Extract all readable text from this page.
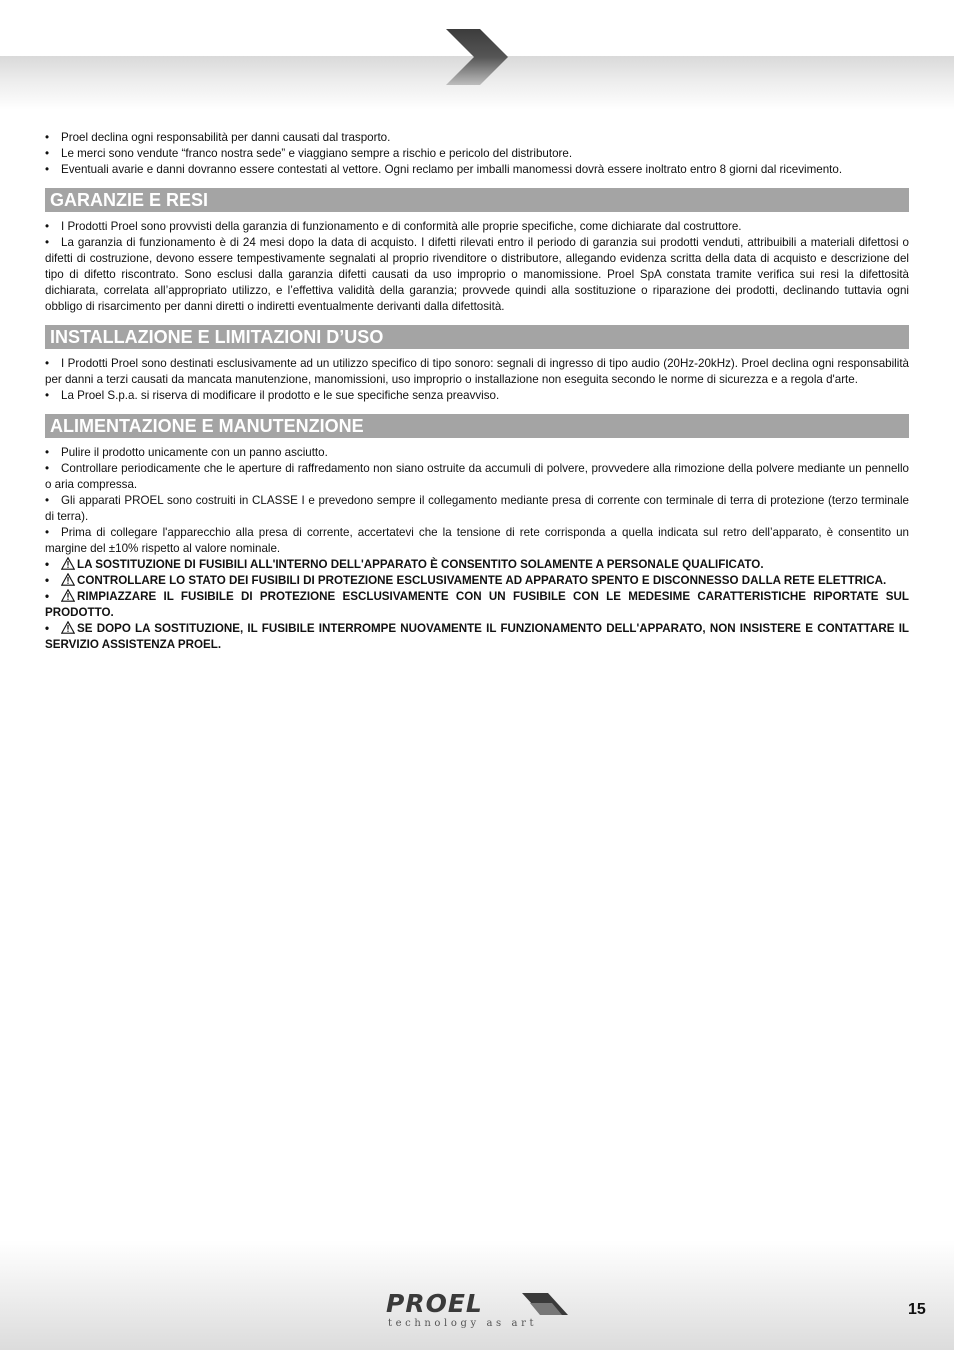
• Proel declina ogni responsabilità per danni causati dal trasporto.

• Le merci sono vendute “franco nostra sede” e viaggiano sempre a rischio e pericolo del distributore.

• Eventuali avarie e danni dovranno essere contestati al vettore. Ogni reclamo per imballi manomessi dovrà essere inoltrato entro 8 giorni dal ricevimento.

GARANZIE E RESI

• I Prodotti Proel sono provvisti della garanzia di funzionamento e di conformità alle proprie specifiche, come dichiarate dal costruttore.

• La garanzia di funzionamento è di 24 mesi dopo la data di acquisto. I difetti rilevati entro il periodo di garanzia sui prodotti venduti, attribuibili a materiali difettosi o difetti di costruzione, devono essere tempestivamente segnalati al proprio rivenditore o distributore, allegando evidenza scritta della data di acquisto e descrizione del tipo di difetto riscontrato. Sono esclusi dalla garanzia difetti causati da uso improprio o manomissione. Proel SpA constata tramite verifica sui resi la difettosità dichiarata, correlata all’appropriato utilizzo, e l’effettiva validità della garanzia; provvede quindi alla sostituzione o riparazione dei prodotti, declinando tuttavia ogni obbligo di risarcimento per danni diretti o indiretti eventualmente derivanti dalla difettosità.

INSTALLAZIONE E LIMITAZIONI D’USO

• I Prodotti Proel sono destinati esclusivamente ad un utilizzo specifico di tipo sonoro: segnali di ingresso di tipo audio (20Hz-20kHz). Proel declina ogni responsabilità per danni a terzi causati da mancata manutenzione, manomissioni, uso improprio o installazione non eseguita secondo le norme di sicurezza e a regola d'arte.

• La Proel S.p.a. si riserva di modificare il prodotto e le sue specifiche senza preavviso.

ALIMENTAZIONE E MANUTENZIONE

• Pulire il prodotto unicamente con un panno asciutto.

• Controllare periodicamente che le aperture di raffredamento non siano ostruite da accumuli di polvere, provvedere alla rimozione della polvere mediante un pennello o aria compressa.

• Gli apparati PROEL sono costruiti in CLASSE I e prevedono sempre il collegamento mediante presa di corrente con terminale di terra di protezione (terzo terminale di terra).

• Prima di collegare l'apparecchio alla presa di corrente, accertatevi che la tensione di rete corrisponda a quella indicata sul retro dell’apparato, è consentito un margine del ±10% rispetto al valore nominale.

• LA SOSTITUZIONE DI FUSIBILI ALL'INTERNO DELL'APPARATO È CONSENTITO SOLAMENTE A PERSONALE QUALIFICATO.

• CONTROLLARE LO STATO DEI FUSIBILI DI PROTEZIONE ESCLUSIVAMENTE AD APPARATO SPENTO E DISCONNESSO DALLA RETE ELETTRICA.

• RIMPIAZZARE IL FUSIBILE DI PROTEZIONE ESCLUSIVAMENTE CON UN FUSIBILE CON LE MEDESIME CARATTERISTICHE RIPORTATE SUL PRODOTTO.

• SE DOPO LA SOSTITUZIONE, IL FUSIBILE INTERROMPE NUOVAMENTE IL FUNZIONAMENTO DELL'APPARATO, NON INSISTERE E CONTATTARE IL SERVIZIO ASSISTENZA PROEL.

PROEL
technology as art
15
